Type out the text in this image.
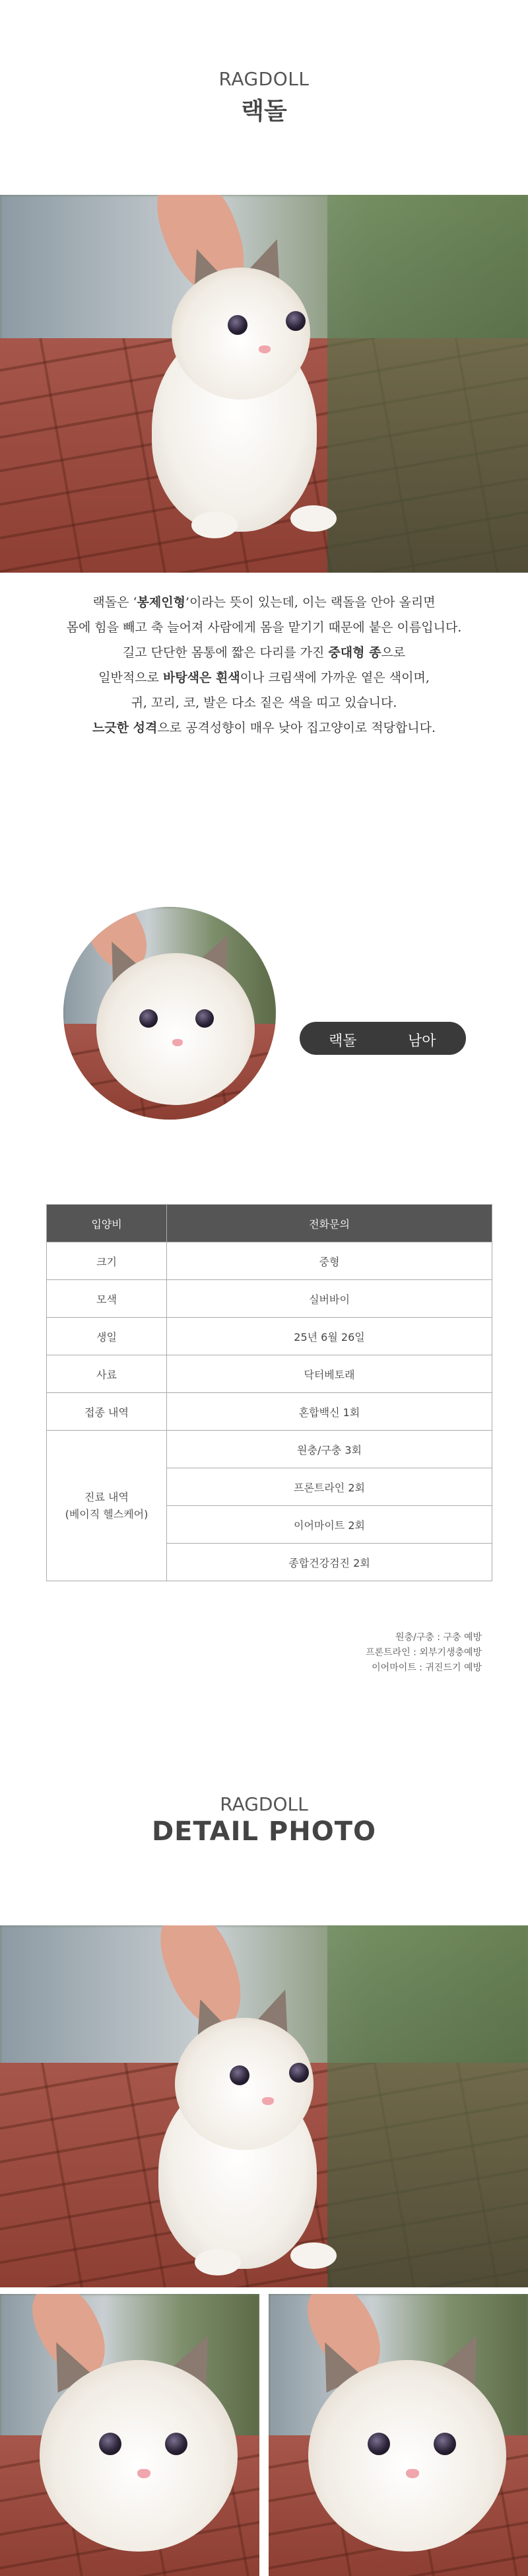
RAGDOLL
랙돌
랙돌은 ‘봉제인형’이라는 뜻이 있는데, 이는 랙돌을 안아 올리면
몸에 힘을 빼고 축 늘어져 사람에게 몸을 맡기기 때문에 붙은 이름입니다.
길고 단단한 몸통에 짧은 다리를 가진 중대형 종으로
일반적으로 바탕색은 흰색이나 크림색에 가까운 옅은 색이며,
귀, 꼬리, 코, 발은 다소 짙은 색을 띠고 있습니다.
느긋한 성격으로 공격성향이 매우 낮아 집고양이로 적당합니다.
랙돌	남아
입양비	전화문의
크기	중형
모색	실버바이
생일	25년 6월 26일
사료	닥터베토래
접종 내역	혼합백신 1회
진료 내역
(베이직 헬스케어)	원충/구충 3회
	프론트라인 2회
	이어마이트 2회
	종합건강검진 2회
원충/구충 : 구충 예방
프론트라인 : 외부기생충예방
이어마이트 : 귀진드기 예방
RAGDOLL
DETAIL PHOTO
